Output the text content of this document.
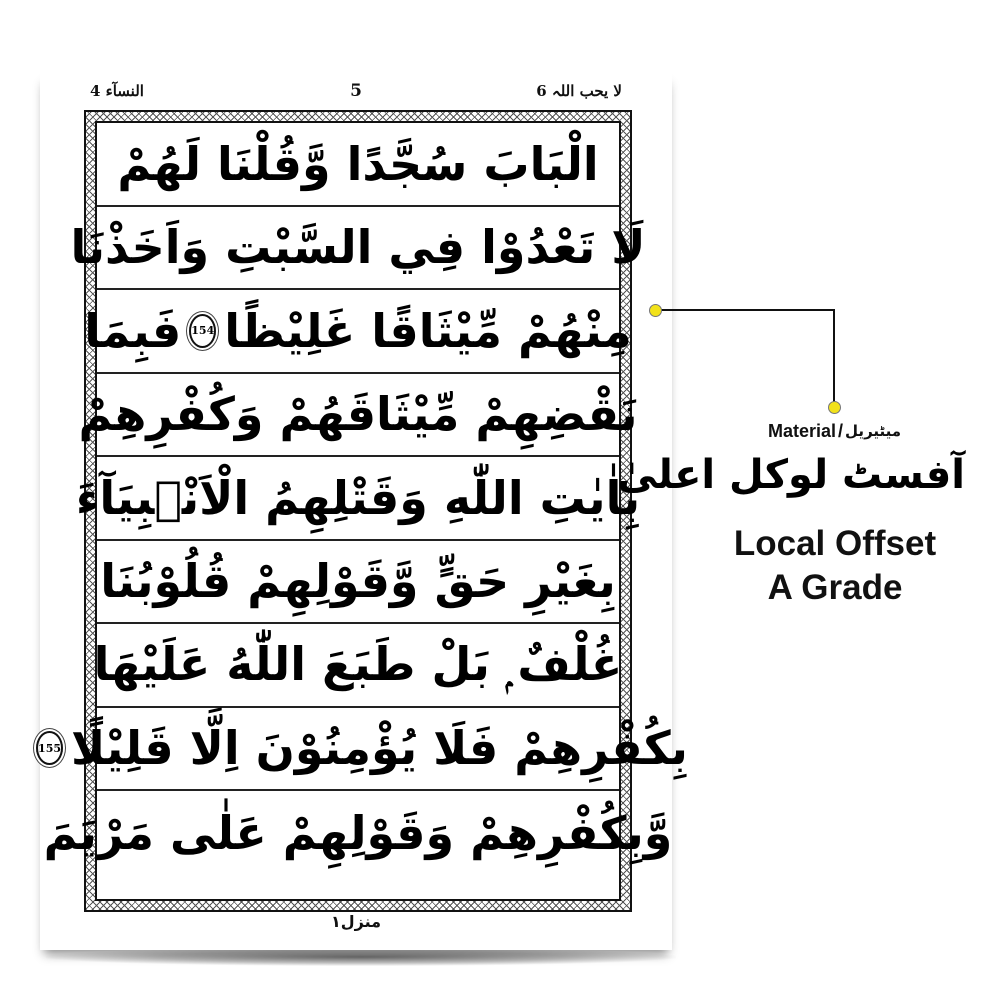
النسآء 4	5	لا یحب اللہ 6
الْبَابَ سُجَّدًا وَّقُلْنَا لَهُمْ
لَا تَعْدُوْا فِي السَّبْتِ وَاَخَذْنَا
مِنْهُمْ مِّيْثَاقًا غَلِيْظًا
154
فَبِمَا
نَقْضِهِمْ مِّيْثَاقَهُمْ وَكُفْرِهِمْ
بِاٰيٰتِ اللّٰهِ وَقَتْلِهِمُ الْاَنْۢبِيَآءَ
بِغَيْرِ حَقٍّ وَّقَوْلِهِمْ قُلُوْبُنَا
غُلْفٌ ۭ بَلْ طَبَعَ اللّٰهُ عَلَيْهَا
بِكُفْرِهِمْ فَلَا يُؤْمِنُوْنَ اِلَّا قَلِيْلًا
155
وَّبِكُفْرِهِمْ وَقَوْلِهِمْ عَلٰى مَرْيَمَ
منزل۱
Material / میٹیریل
آفسٹ لوکل اعلیٰ
Local Offset
A Grade
